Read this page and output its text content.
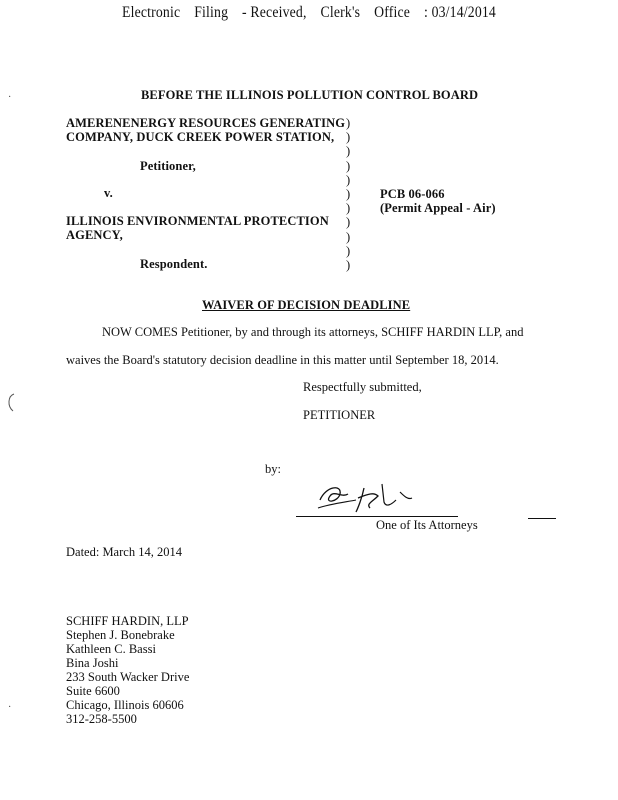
Electronic Filing - Received, Clerk's Office : 03/14/2014
BEFORE THE ILLINOIS POLLUTION CONTROL BOARD
AMERENENERGY RESOURCES GENERATING
COMPANY, DUCK CREEK POWER STATION,
Petitioner,
v.
ILLINOIS ENVIRONMENTAL PROTECTION
AGENCY,
Respondent.
)
)
)
)
)
)
)
)
)
)
)
PCB 06-066
(Permit Appeal - Air)
WAIVER OF DECISION DEADLINE
NOW COMES Petitioner, by and through its attorneys, SCHIFF HARDIN LLP, and
waives the Board's statutory decision deadline in this matter until September 18, 2014.
Respectfully submitted,
PETITIONER
by:
One of Its Attorneys
Dated: March 14, 2014
SCHIFF HARDIN, LLP
Stephen J. Bonebrake
Kathleen C. Bassi
Bina Joshi
233 South Wacker Drive
Suite 6600
Chicago, Illinois 60606
312-258-5500
·
·
